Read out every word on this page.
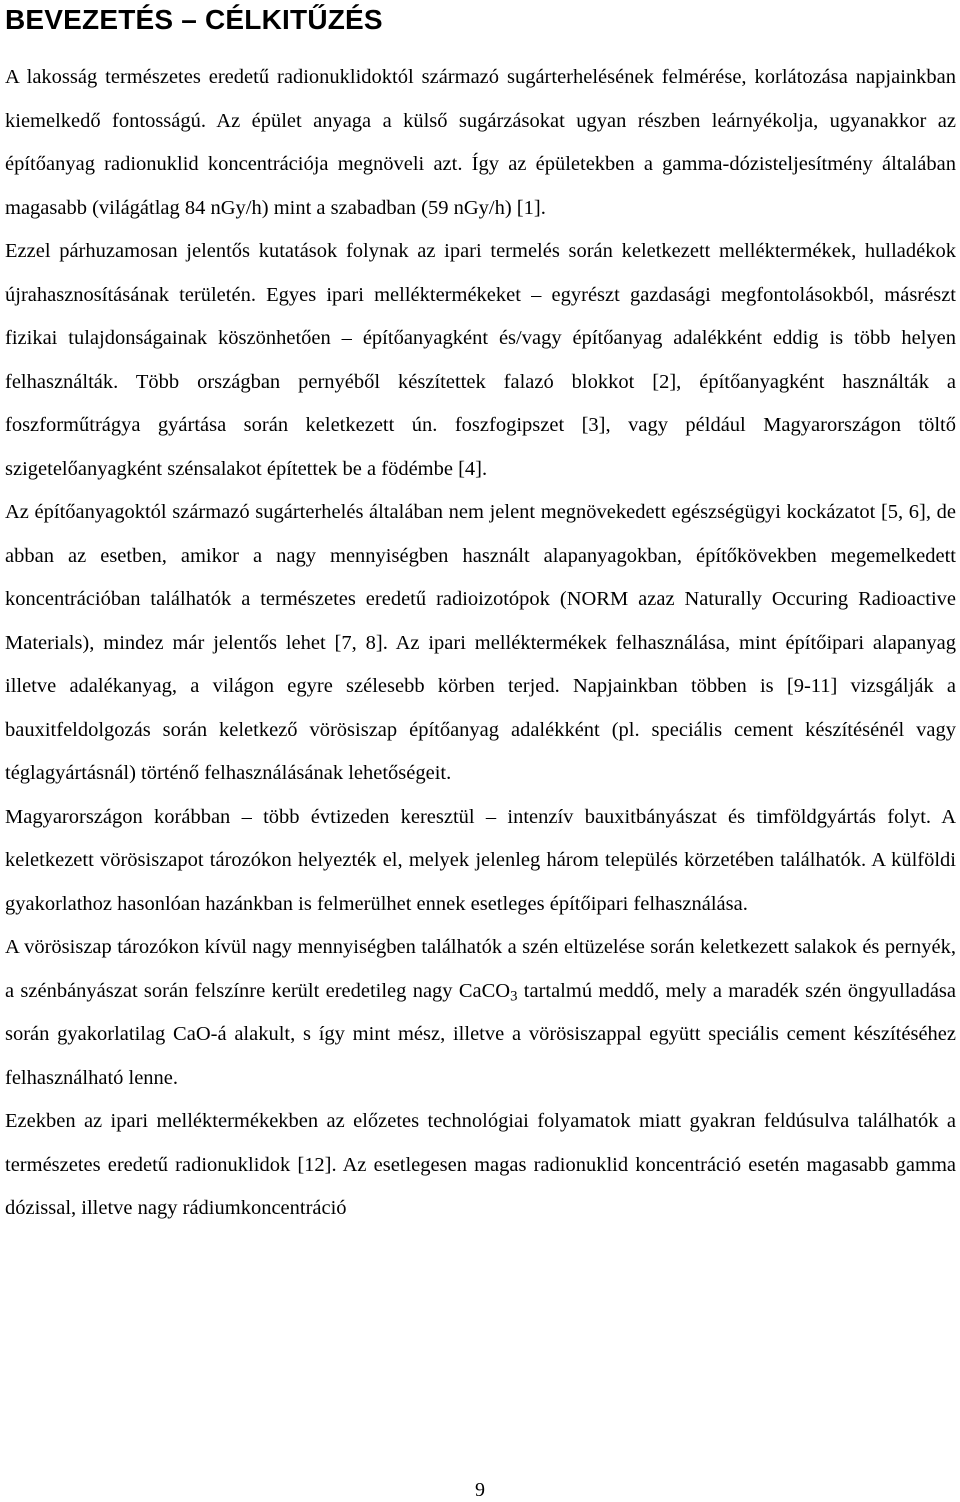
BEVEZETÉS – CÉLKITŰZÉS

A lakosság természetes eredetű radionuklidoktól származó sugárterhelésének felmérése, korlátozása napjainkban kiemelkedő fontosságú. Az épület anyaga a külső sugárzásokat ugyan részben leárnyékolja, ugyanakkor az építőanyag radionuklid koncentrációja megnöveli azt. Így az épületekben a gamma-dózisteljesítmény általában magasabb (világátlag 84 nGy/h) mint a szabadban (59 nGy/h) [1].

Ezzel párhuzamosan jelentős kutatások folynak az ipari termelés során keletkezett melléktermékek, hulladékok újrahasznosításának területén. Egyes ipari melléktermékeket – egyrészt gazdasági megfontolásokból, másrészt fizikai tulajdonságainak köszönhetően – építőanyagként és/vagy építőanyag adalékként eddig is több helyen felhasználták. Több országban pernyéből készítettek falazó blokkot [2], építőanyagként használták a foszforműtrágya gyártása során keletkezett ún. foszfogipszet [3], vagy például Magyarországon töltő szigetelőanyagként szénsalakot építettek be a födémbe [4].

Az építőanyagoktól származó sugárterhelés általában nem jelent megnövekedett egészségügyi kockázatot [5, 6], de abban az esetben, amikor a nagy mennyiségben használt alapanyagokban, építőkövekben megemelkedett koncentrációban találhatók a természetes eredetű radioizotópok (NORM azaz Naturally Occuring Radioactive Materials), mindez már jelentős lehet [7, 8]. Az ipari melléktermékek felhasználása, mint építőipari alapanyag illetve adalékanyag, a világon egyre szélesebb körben terjed. Napjainkban többen is [9-11] vizsgálják a bauxitfeldolgozás során keletkező vörösiszap építőanyag adalékként (pl. speciális cement készítésénél vagy téglagyártásnál) történő felhasználásának lehetőségeit.

Magyarországon korábban – több évtizeden keresztül – intenzív bauxitbányászat és timföldgyártás folyt. A keletkezett vörösiszapot tározókon helyezték el, melyek jelenleg három település körzetében találhatók. A külföldi gyakorlathoz hasonlóan hazánkban is felmerülhet ennek esetleges építőipari felhasználása.

A vörösiszap tározókon kívül nagy mennyiségben találhatók a szén eltüzelése során keletkezett salakok és pernyék, a szénbányászat során felszínre került eredetileg nagy CaCO$_3$ tartalmú meddő, mely a maradék szén öngyulladása során gyakorlatilag CaO-á alakult, s így mint mész, illetve a vörösiszappal együtt speciális cement készítéséhez felhasználható lenne.

Ezekben az ipari melléktermékekben az előzetes technológiai folyamatok miatt gyakran feldúsulva találhatók a természetes eredetű radionuklidok [12]. Az esetlegesen magas radionuklid koncentráció esetén magasabb gamma dózissal, illetve nagy rádiumkoncentráció

9
